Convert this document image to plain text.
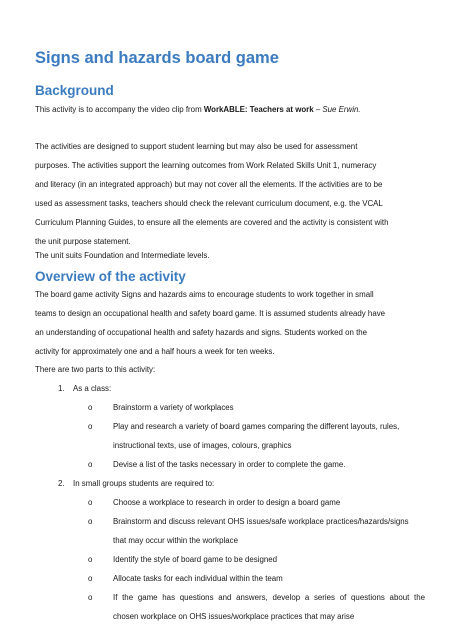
Signs and hazards board game
Background

This activity is to accompany the video clip from WorkABLE: Teachers at work – Sue Erwin.

The activities are designed to support student learning but may also be used for assessment
purposes. The activities support the learning outcomes from Work Related Skills Unit 1, numeracy
and literacy (in an integrated approach) but may not cover all the elements. If the activities are to be
used as assessment tasks, teachers should check the relevant curriculum document, e.g. the VCAL
Curriculum Planning Guides, to ensure all the elements are covered and the activity is consistent with
the unit purpose statement.

The unit suits Foundation and Intermediate levels.

Overview of the activity

The board game activity Signs and hazards aims to encourage students to work together in small
teams to design an occupational health and safety board game. It is assumed students already have
an understanding of occupational health and safety hazards and signs. Students worked on the
activity for approximately one and a half hours a week for ten weeks.

There are two parts to this activity:

1. As a class:
o	Brainstorm a variety of workplaces
o	Play and research a variety of board games comparing the different layouts, rules,
instructional texts, use of images, colours, graphics
o	Devise a list of the tasks necessary in order to complete the game.
2. In small groups students are required to:
o	Choose a workplace to research in order to design a board game
o	Brainstorm and discuss relevant OHS issues/safe workplace practices/hazards/signs
that may occur within the workplace
o	Identify the style of board game to be designed
o	Allocate tasks for each individual within the team
o	If the game has questions and answers, develop a series of questions about the
chosen workplace on OHS issues/workplace practices that may arise
